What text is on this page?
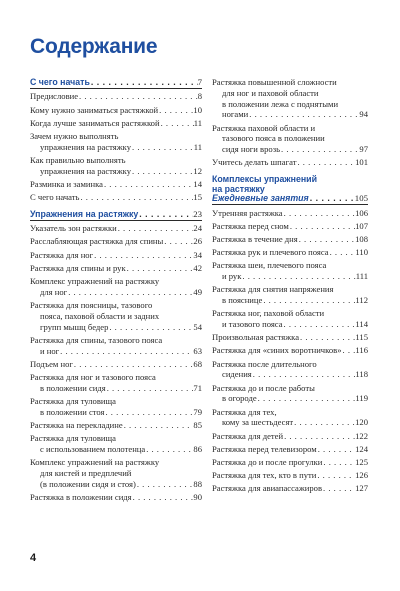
Содержание
С чего начать . . .	7
Предисловие . . .	8
Кому нужно заниматься растяжкой . . .	10
Когда лучше заниматься растяжкой . . .	11
Зачем нужно выполнять
упражнения на растяжку . . .	11
Как правильно выполнять
упражнения на растяжку . . .	12
Разминка и заминка . . .	14
С чего начать . . .	15
Упражнения на растяжку . . .	23
Указатель зон растяжки . . .	24
Расслабляющая растяжка для спины . . .	26
Растяжка для ног . . .	34
Растяжка для спины и рук . . .	42
Комплекс упражнений на растяжку
для ног . . .	49
Растяжка для поясницы, тазового
пояса, паховой области и задних
групп мышц бедер . . .	54
Растяжка для спины, тазового пояса
и ног . . .	63
Подъем ног . . .	68
Растяжка для ног и тазового пояса
в положении сидя . . .	71
Растяжка для туловища
в положении стоя . . .	79
Растяжка на перекладине . . .	85
Растяжка для туловища
с использованием полотенца . . .	86
Комплекс упражнений на растяжку
для кистей и предплечий
(в положении сидя и стоя) . . .	88
Растяжка в положении сидя . . .	90
Растяжка повышенной сложности
для ног и паховой области
в положении лежа с поднятыми
ногами . . .	94
Растяжка паховой области и
тазового пояса в положении
сидя ноги врозь . . .	97
Учитесь делать шпагат . . .	101
Комплексы упражнений
на растяжку
Ежедневные занятия . . .	105
Утренняя растяжка . . .	106
Растяжка перед сном . . .	107
Растяжка в течение дня . . .	108
Растяжка рук и плечевого пояса . . .	110
Растяжка шеи, плечевого пояса
и рук . . .	111
Растяжка для снятия напряжения
в пояснице . . .	112
Растяжка ног, паховой области
и тазового пояса . . .	114
Произвольная растяжка . . .	115
Растяжка для «синих воротничков» . . . 116
Растяжка после длительного
сидения . . .	118
Растяжка до и после работы
в огороде . . .	119
Растяжка для тех,
кому за шестьдесят . . .	120
Растяжка для детей . . .	122
Растяжка перед телевизором . . .	124
Растяжка до и после прогулки . . .	125
Растяжка для тех, кто в пути . . .	126
Растяжка для авиапассажиров . . .	127
4
